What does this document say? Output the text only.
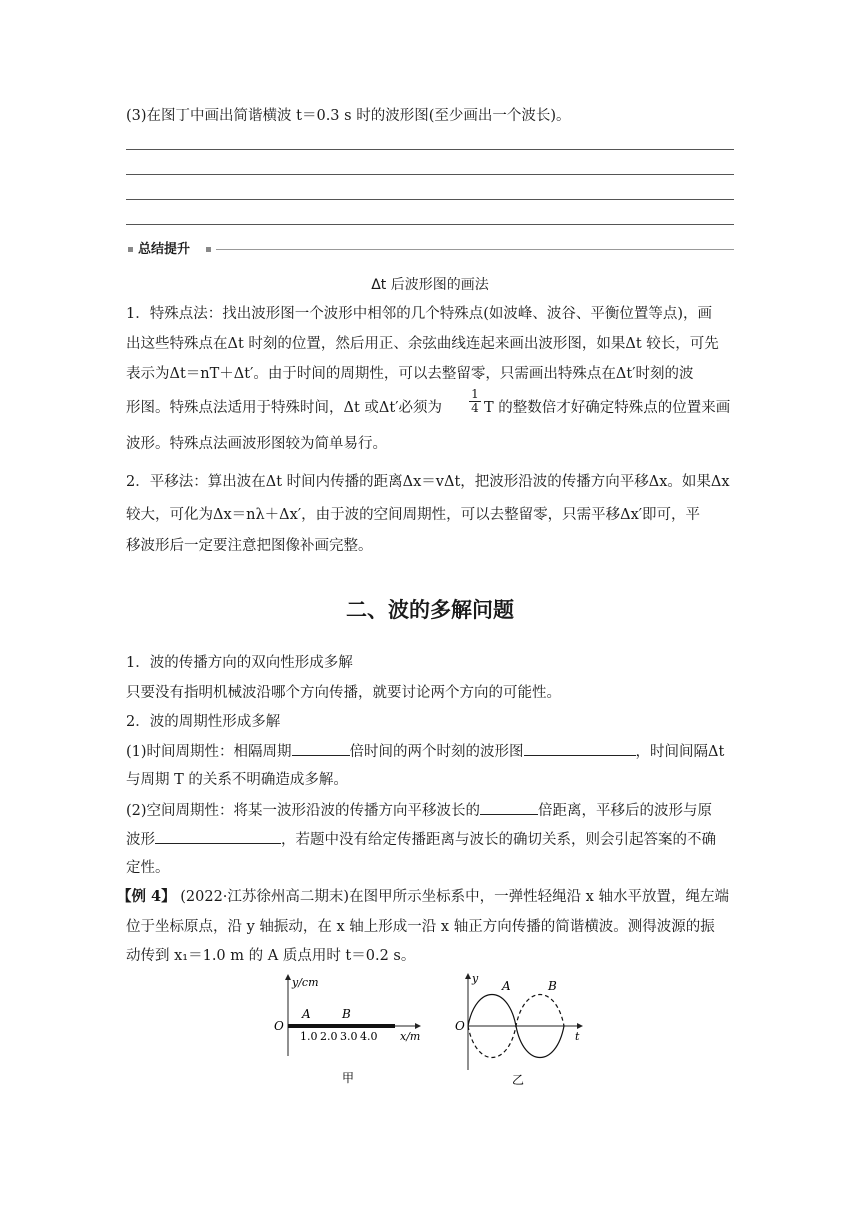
(3)在图丁中画出简谐横波 t＝0.3 s 时的波形图(至少画出一个波长)。
总结提升
Δt 后波形图的画法
1．特殊点法：找出波形图一个波形中相邻的几个特殊点(如波峰、波谷、平衡位置等点)，画
出这些特殊点在Δt 时刻的位置，然后用正、余弦曲线连起来画出波形图，如果Δt 较长，可先
表示为Δt＝nT＋Δt′。由于时间的周期性，可以去整留零，只需画出特殊点在Δt′时刻的波
形图。特殊点法适用于特殊时间，Δt 或Δt′必须为	$\frac{1}{4}$ T 的整数倍才好确定特殊点的位置来画
波形。特殊点法画波形图较为简单易行。
2．平移法：算出波在Δt 时间内传播的距离Δx＝vΔt，把波形沿波的传播方向平移Δx。如果Δx
较大，可化为Δx＝nλ＋Δx′，由于波的空间周期性，可以去整留零，只需平移Δx′即可，平
移波形后一定要注意把图像补画完整。
二、波的多解问题
1．波的传播方向的双向性形成多解
只要没有指明机械波沿哪个方向传播，就要讨论两个方向的可能性。
2．波的周期性形成多解
(1)时间周期性：相隔周期	倍时间的两个时刻的波形图	，时间间隔Δt
与周期 T 的关系不明确造成多解。
(2)空间周期性：将某一波形沿波的传播方向平移波长的	倍距离，平移后的波形与原
波形	，若题中没有给定传播距离与波长的确切关系，则会引起答案的不确
定性。
【例 4】 (2022·江苏徐州高二期末)在图甲所示坐标系中，一弹性轻绳沿 x 轴水平放置，绳左端
位于坐标原点，沿 y 轴振动，在 x 轴上形成一沿 x 轴正方向传播的简谐横波。测得波源的振
动传到 x₁＝1.0 m 的 A 质点用时 t＝0.2 s。
y/cm
O
A	B
1.0 2.0 3.0 4.0 x/m
甲
y
O
A	B
t
乙
